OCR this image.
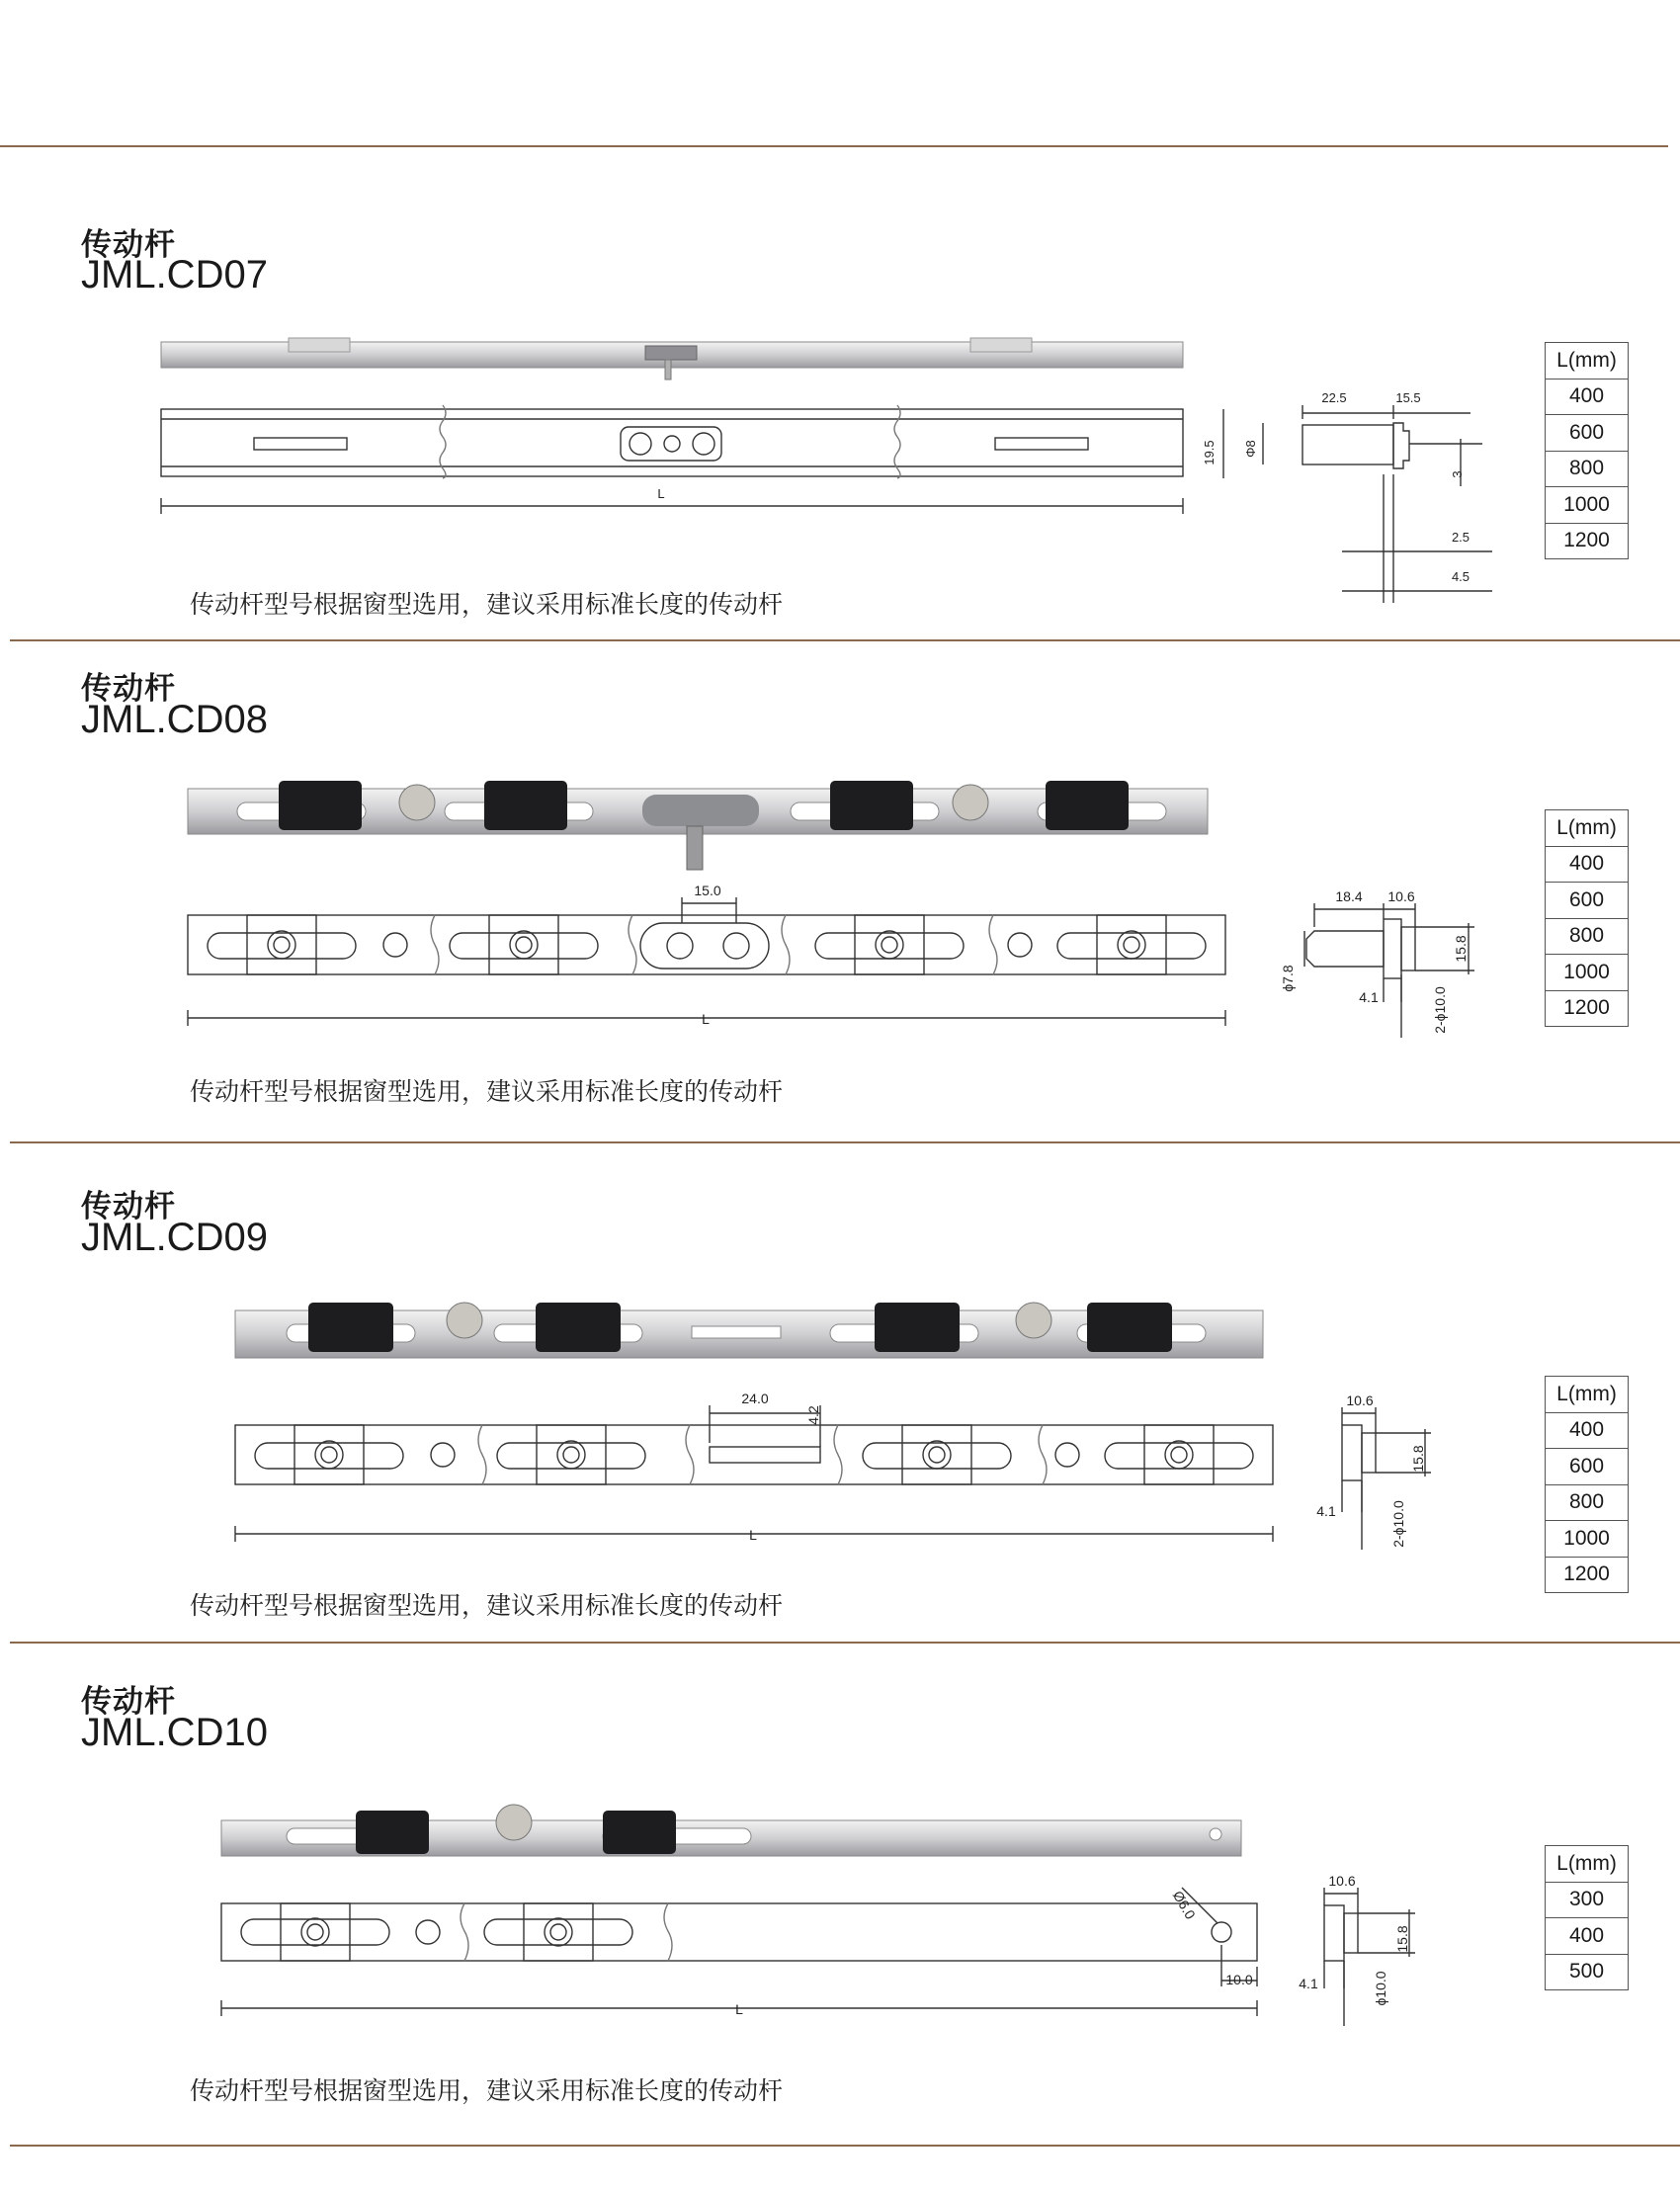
传动杆
JML.CD07
L
22.5	15.5
19.5 Φ8
3
2.5
4.5
传动杆型号根据窗型选用，建议采用标准长度的传动杆
L(mm)
400
600
800
1000
1200
传动杆
JML.CD08
15.0
L
18.4 10.6
15.8
ϕ7.8
4.1	2-ϕ10.0
传动杆型号根据窗型选用，建议采用标准长度的传动杆
L(mm)
400
600
800
1000
1200
传动杆
JML.CD09
24.0
4.2
L
10.6
15.8
4.1	2-ϕ10.0
传动杆型号根据窗型选用，建议采用标准长度的传动杆
L(mm)
400
600
800
1000
1200
传动杆
JML.CD10
Ø6.0
10.0
L
10.6
15.8
4.1	ϕ10.0
传动杆型号根据窗型选用，建议采用标准长度的传动杆
L(mm)
300
400
500
